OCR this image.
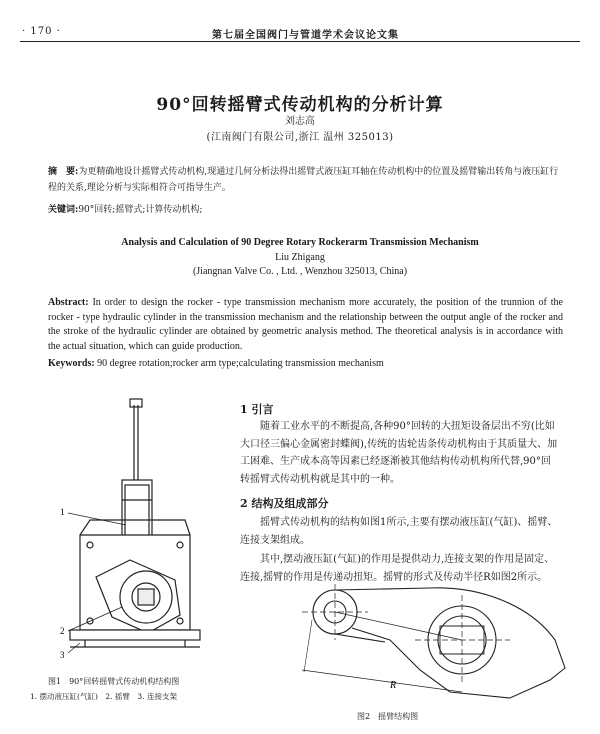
· 170 ·	第七届全国阀门与管道学术会议论文集
90°回转摇臂式传动机构的分析计算
刘志高
(江南阀门有限公司,浙江 温州 325013)
摘　要:为更精确地设计摇臂式传动机构,现通过几何分析法得出摇臂式液压缸耳轴在传动机构中的位置及摇臂输出转角与液压缸行程的关系,理论分析与实际相符合可指导生产。
关键词:90°回转;摇臂式;计算传动机构;
Analysis and Calculation of 90 Degree Rotary Rockerarm Transmission Mechanism
Liu Zhigang
(Jiangnan Valve Co. , Ltd. , Wenzhou 325013, China)
Abstract: In order to design the rocker - type transmission mechanism more accurately, the position of the trunnion of the rocker - type hydraulic cylinder in the transmission mechanism and the relationship between the output angle of the rocker and the stroke of the hydraulic cylinder are obtained by geometric analysis method. The theoretical analysis is in accordance with the actual situation, which can guide production.
Keywords: 90 degree rotation;rocker arm type;calculating transmission mechanism
1 引言
随着工业水平的不断提高,各种90°回转的大扭矩设备层出不穷(比如大口径三偏心金属密封蝶阀),传统的齿轮齿条传动机构由于其质量大、加工困难、生产成本高等因素已经逐渐被其他结构传动机构所代替,90°回转摇臂式传动机构就是其中的一种。
2 结构及组成部分
摇臂式传动机构的结构如图1所示,主要有摆动液压缸(气缸)、摇臂、连接支架组成。
其中,摆动液压缸(气缸)的作用是提供动力,连接支架的作用是固定、连接,摇臂的作用是传递动扭矩。摇臂的形式及传动半径R如图2所示。
1
2
3
图1　90°回转摇臂式传动机构结构图
1. 摆动液压缸(气缸)　2. 摇臂　3. 连接支架
R
图2　摇臂结构图
